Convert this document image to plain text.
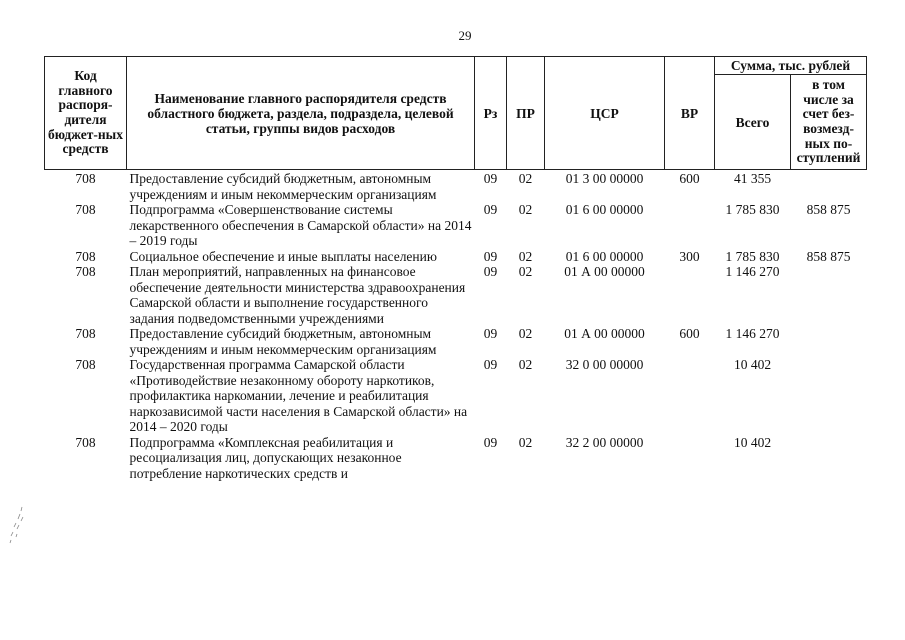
29
Код главного распоря-дителя бюджет-ных средств	Наименование главного распорядителя средств областного бюджета, раздела, подраздела, целевой статьи, группы видов расходов	Рз	ПР	ЦСР	ВР	Сумма, тыс. рублей	
						Всего	в том числе за счет без-возмезд-ных по-ступлений
708	Предоставление субсидий бюджетным, автономным учреждениям и иным некоммерческим организациям	09	02	01 3 00 00000	600	41 355	
708	Подпрограмма «Совершенствование системы лекарственного обеспечения в Самарской области» на 2014 – 2019 годы	09	02	01 6 00 00000		1 785 830	858 875
708	Социальное обеспечение и иные выплаты населению	09	02	01 6 00 00000	300	1 785 830	858 875
708	План мероприятий, направленных на финансовое обеспечение деятельности министерства здравоохранения Самарской области и выполнение государственного задания подведомственными учреждениями	09	02	01 А 00 00000		1 146 270	
708	Предоставление субсидий бюджетным, автономным учреждениям и иным некоммерческим организациям	09	02	01 А 00 00000	600	1 146 270	
708	Государственная программа Самарской области «Противодействие незаконному обороту наркотиков, профилактика наркомании, лечение и реабилитация наркозависимой части населения в Самарской области» на 2014 – 2020 годы	09	02	32 0 00 00000		10 402	
708	Подпрограмма «Комплексная реабилитация и ресоциализация лиц, допускающих незаконное потребление наркотических средств и	09	02	32 2 00 00000		10 402	
